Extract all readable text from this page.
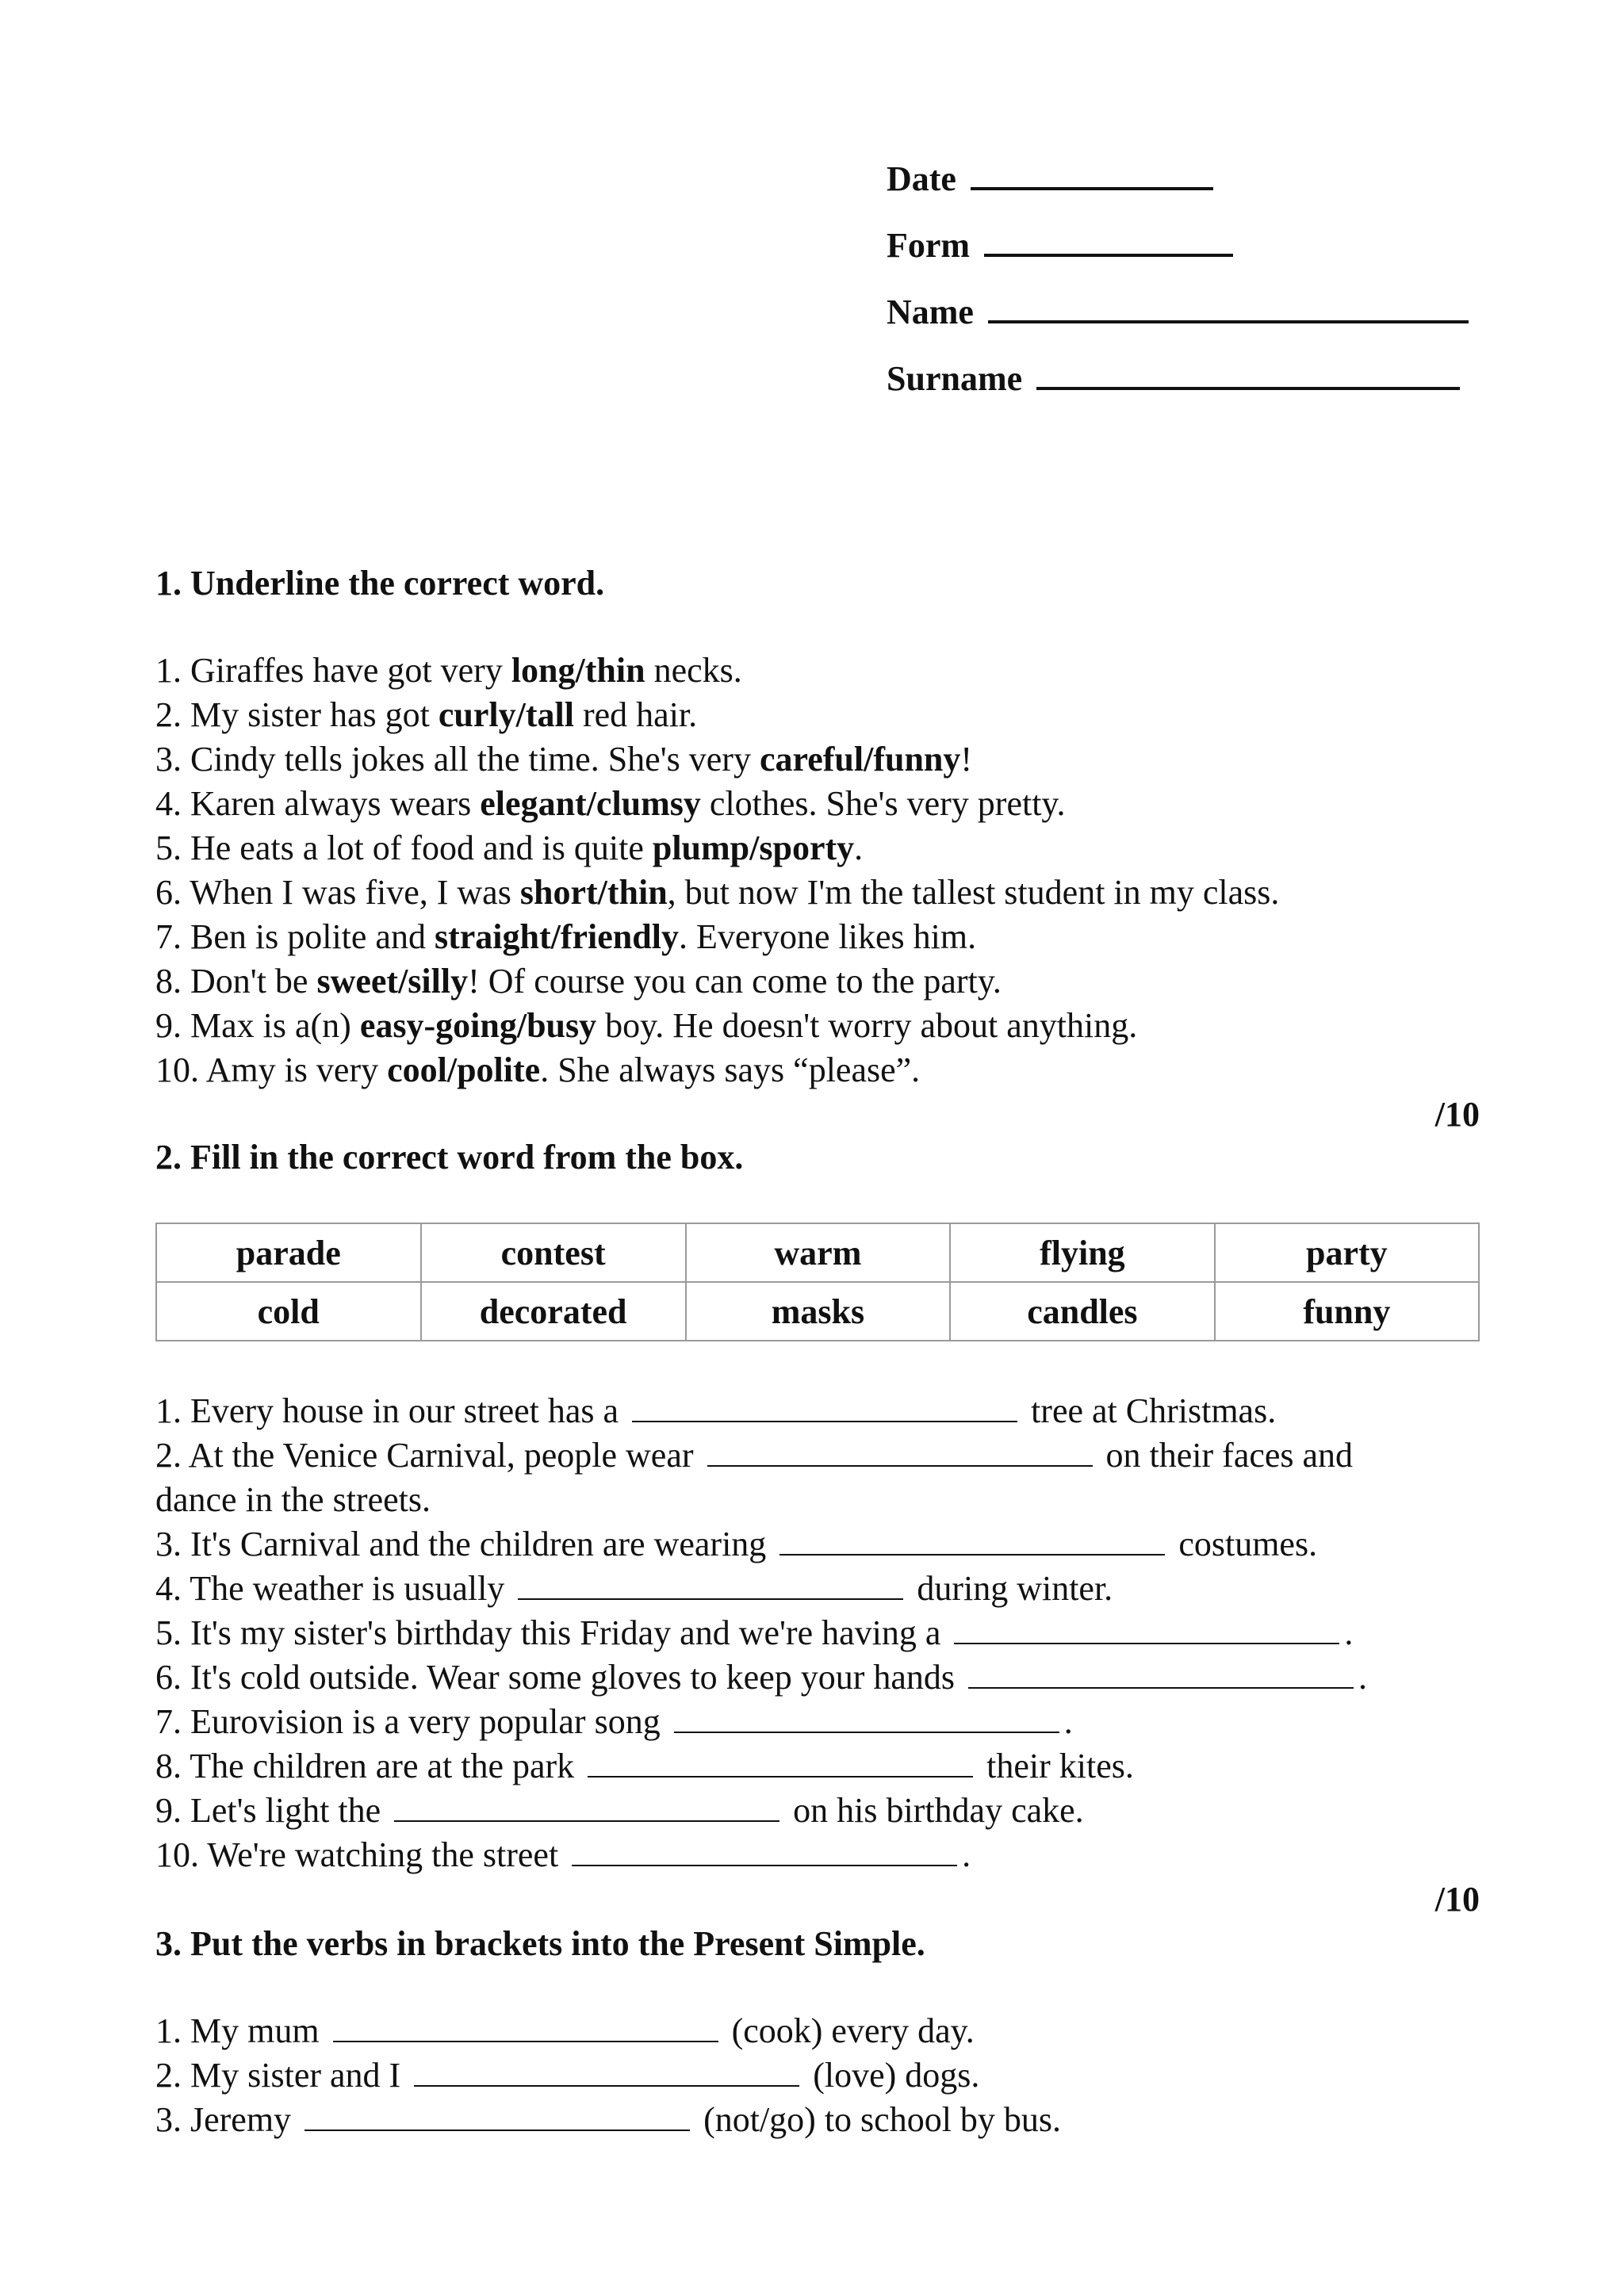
Date
Form
Name
Surname
1. Underline the correct word.
1. Giraffes have got very long/thin necks.
2. My sister has got curly/tall red hair.
3. Cindy tells jokes all the time. She's very careful/funny!
4. Karen always wears elegant/clumsy clothes. She's very pretty.
5. He eats a lot of food and is quite plump/sporty.
6. When I was five, I was short/thin, but now I'm the tallest student in my class.
7. Ben is polite and straight/friendly. Everyone likes him.
8. Don't be sweet/silly! Of course you can come to the party.
9. Max is a(n) easy-going/busy boy. He doesn't worry about anything.
10. Amy is very cool/polite. She always says “please”.
/10
2. Fill in the correct word from the box.
parade	contest	warm	flying	party
cold	decorated	masks	candles	funny
1. Every house in our street has a	tree at Christmas.
2. At the Venice Carnival, people wear	on their faces and
dance in the streets.
3. It's Carnival and the children are wearing	costumes.
4. The weather is usually	during winter.
5. It's my sister's birthday this Friday and we're having a	.
6. It's cold outside. Wear some gloves to keep your hands	.
7. Eurovision is a very popular song	.
8. The children are at the park	their kites.
9. Let's light the	on his birthday cake.
10. We're watching the street	.
/10
3. Put the verbs in brackets into the Present Simple.
1. My mum	(cook) every day.
2. My sister and I	(love) dogs.
3. Jeremy	(not/go) to school by bus.
